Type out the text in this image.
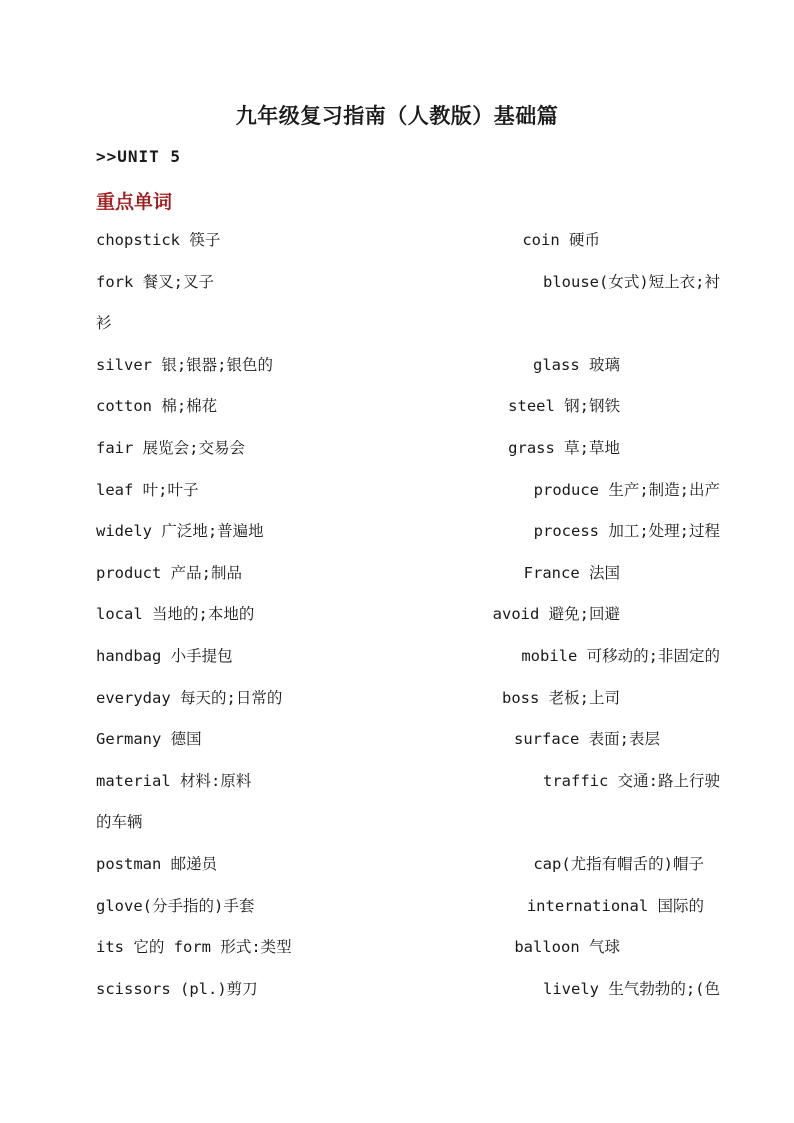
九年级复习指南（人教版）基础篇
>>UNIT 5
重点单词
chopstick 筷子	coin 硬币
fork 餐叉;叉子	blouse(女式)短上衣;衬
衫
silver 银;银器;银色的	glass 玻璃
cotton 棉;棉花	steel 钢;钢铁
fair 展览会;交易会	grass 草;草地
leaf 叶;叶子	produce 生产;制造;出产
widely 广泛地;普遍地	process 加工;处理;过程
product 产品;制品	France 法国
local 当地的;本地的	avoid 避免;回避
handbag 小手提包	mobile 可移动的;非固定的
everyday 每天的;日常的	boss 老板;上司
Germany 德国	surface 表面;表层
material 材料:原料	traffic 交通:路上行驶
的车辆
postman 邮递员	cap(尤指有帽舌的)帽子
glove(分手指的)手套	international 国际的
its 它的 form 形式:类型	balloon 气球
scissors (pl.)剪刀	lively 生气勃勃的;(色
